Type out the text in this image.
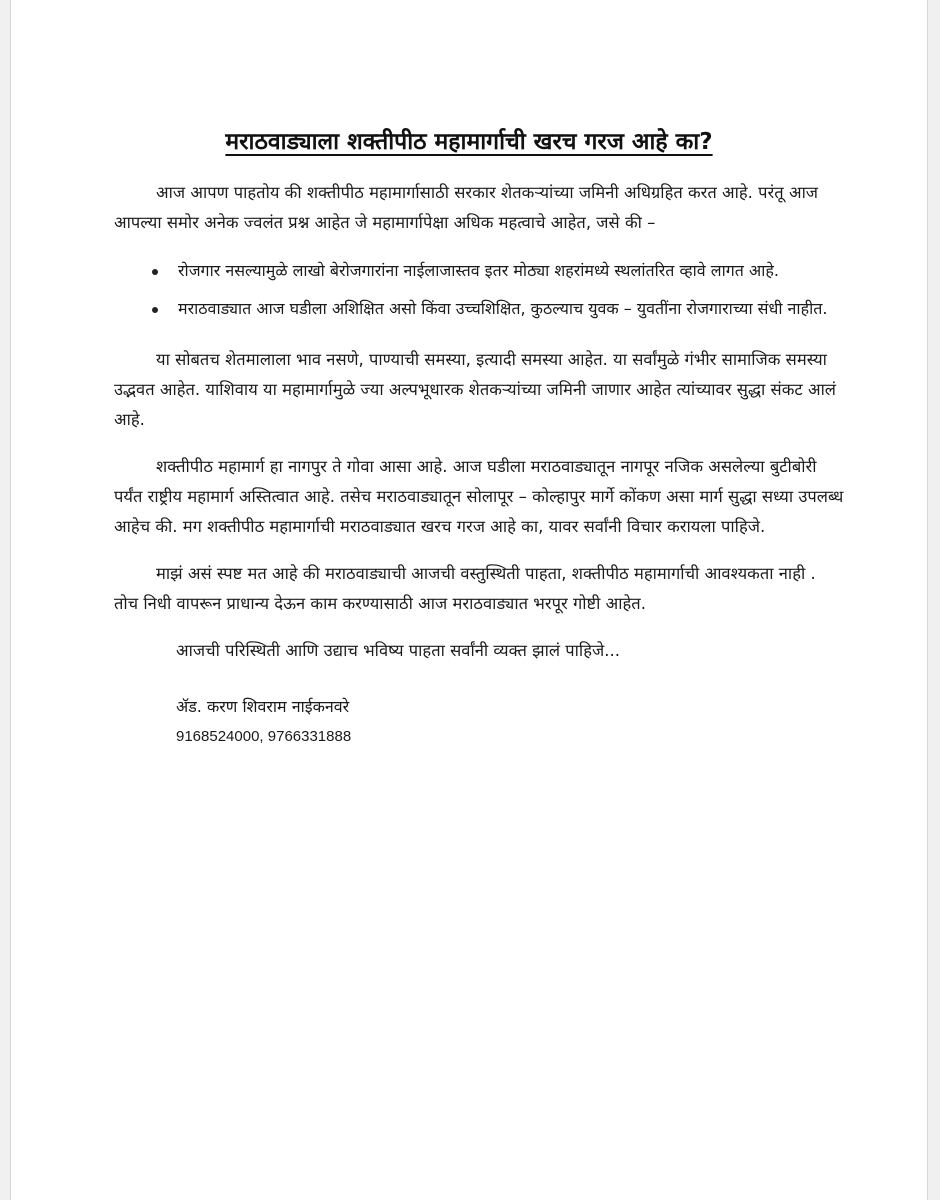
मराठवाड्याला शक्तीपीठ महामार्गाची खरच गरज आहे का?

आज आपण पाहतोय की शक्तीपीठ महामार्गासाठी सरकार शेतकऱ्यांच्या जमिनी अधिग्रहित करत आहे. परंतू आज आपल्या समोर अनेक ज्वलंत प्रश्न आहेत जे महामार्गापेक्षा अधिक महत्वाचे आहेत, जसे की –

रोजगार नसल्यामुळे लाखो बेरोजगारांना नाईलाजास्तव इतर मोठ्या शहरांमध्ये स्थलांतरित व्हावे लागत आहे.
मराठवाड्यात आज घडीला अशिक्षित असो किंवा उच्चशिक्षित, कुठल्याच युवक – युवतींना रोजगाराच्या संधी नाहीत.

या सोबतच शेतमालाला भाव नसणे, पाण्याची समस्या, इत्यादी समस्या आहेत. या सर्वांमुळे गंभीर सामाजिक समस्या उद्भवत आहेत. याशिवाय या महामार्गामुळे ज्या अल्पभूधारक शेतकऱ्यांच्या जमिनी जाणार आहेत त्यांच्यावर सुद्धा संकट आलं आहे.

शक्तीपीठ महामार्ग हा नागपुर ते गोवा आसा आहे. आज घडीला मराठवाड्यातून नागपूर नजिक असलेल्या बुटीबोरी पर्यंत राष्ट्रीय महामार्ग अस्तित्वात आहे. तसेच मराठवाड्यातून सोलापूर – कोल्हापुर मार्गे कोंकण असा मार्ग सुद्धा सध्या उपलब्ध आहेच की. मग शक्तीपीठ महामार्गाची मराठवाड्यात खरच गरज आहे का, यावर सर्वांनी विचार करायला पाहिजे.

माझं असं स्पष्ट मत आहे की मराठवाड्याची आजची वस्तुस्थिती पाहता, शक्तीपीठ महामार्गाची आवश्यकता नाही . तोच निधी वापरून प्राधान्य देऊन काम करण्यासाठी आज मराठवाड्यात भरपूर गोष्टी आहेत.

आजची परिस्थिती आणि उद्याच भविष्य पाहता सर्वांनी व्यक्त झालं पाहिजे...

ॲड. करण शिवराम नाईकनवरे

9168524000, 9766331888
